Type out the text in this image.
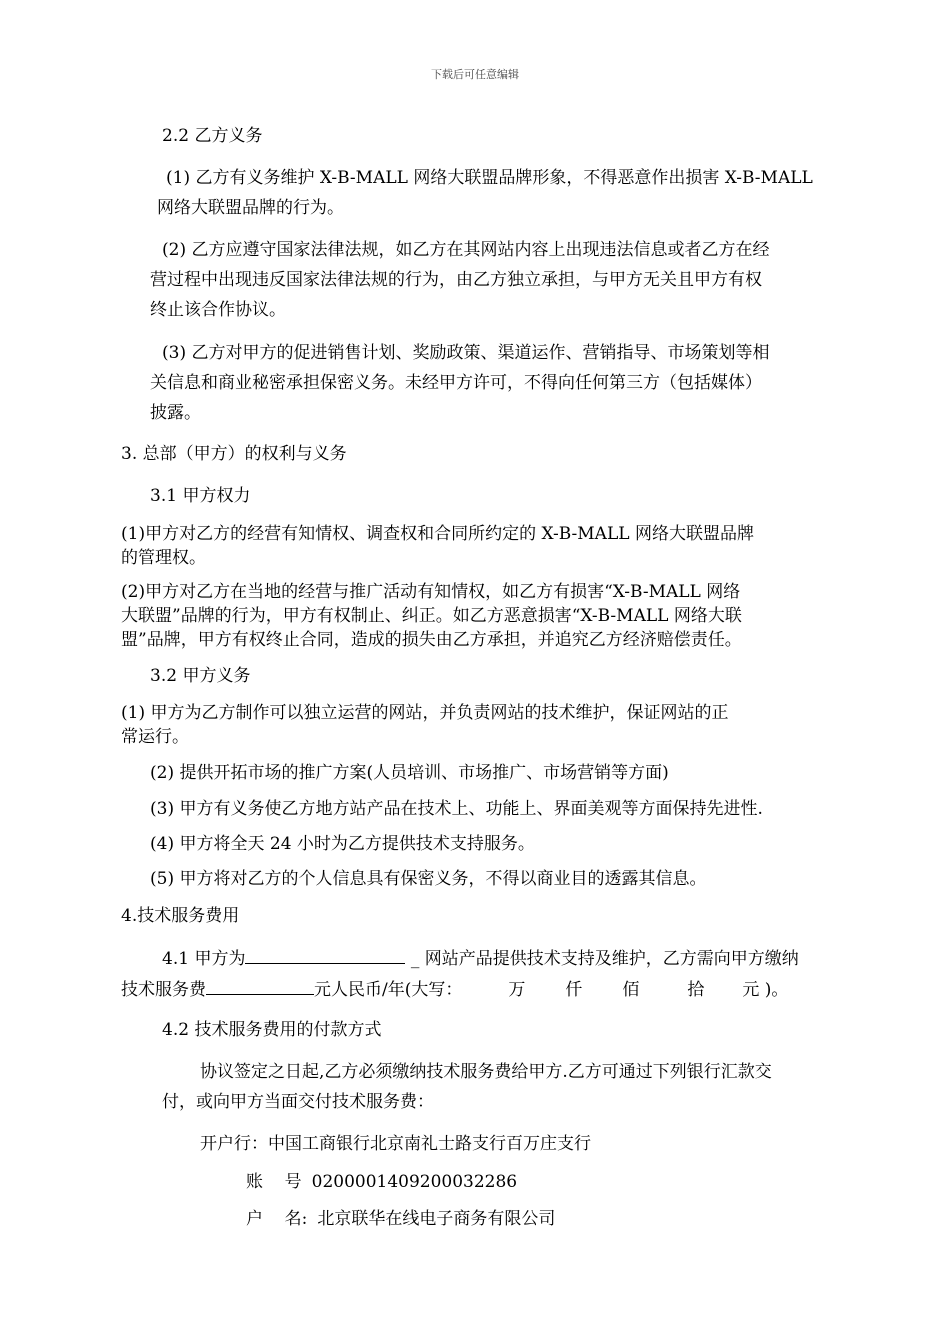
下载后可任意编辑
2.2 乙方义务
(1) 乙方有义务维护 X-B-MALL 网络大联盟品牌形象，不得恶意作出损害 X-B-MALL
网络大联盟品牌的行为。
(2) 乙方应遵守国家法律法规，如乙方在其网站内容上出现违法信息或者乙方在经
营过程中出现违反国家法律法规的行为，由乙方独立承担，与甲方无关且甲方有权
终止该合作协议。
(3) 乙方对甲方的促进销售计划、奖励政策、渠道运作、营销指导、市场策划等相
关信息和商业秘密承担保密义务。未经甲方许可，不得向任何第三方（包括媒体）
披露。
3. 总部（甲方）的权利与义务
3.1 甲方权力
(1)甲方对乙方的经营有知情权、调查权和合同所约定的 X-B-MALL 网络大联盟品牌
的管理权。
(2)甲方对乙方在当地的经营与推广活动有知情权，如乙方有损害“X-B-MALL 网络
大联盟”品牌的行为，甲方有权制止、纠正。如乙方恶意损害“X-B-MALL 网络大联
盟”品牌，甲方有权终止合同，造成的损失由乙方承担，并追究乙方经济赔偿责任。
3.2 甲方义务
(1) 甲方为乙方制作可以独立运营的网站，并负责网站的技术维护，保证网站的正
常运行。
(2) 提供开拓市场的推广方案(人员培训、市场推广、市场营销等方面)
(3) 甲方有义务使乙方地方站产品在技术上、功能上、界面美观等方面保持先进性.
(4) 甲方将全天 24 小时为乙方提供技术支持服务。
(5) 甲方将对乙方的个人信息具有保密义务，不得以商业目的透露其信息。
4.技术服务费用
4.1 甲方为	_ 网站产品提供技术支持及维护，乙方需向甲方缴纳
技术服务费	元人民币/年(大写：	万 仟 佰	拾 元 )。
4.2 技术服务费用的付款方式
协议签定之日起,乙方必须缴纳技术服务费给甲方.乙方可通过下列银行汇款交
付，或向甲方当面交付技术服务费：
开户行：中国工商银行北京南礼士路支行百万庄支行
账    号 0200001409200032286
户    名: 北京联华在线电子商务有限公司
